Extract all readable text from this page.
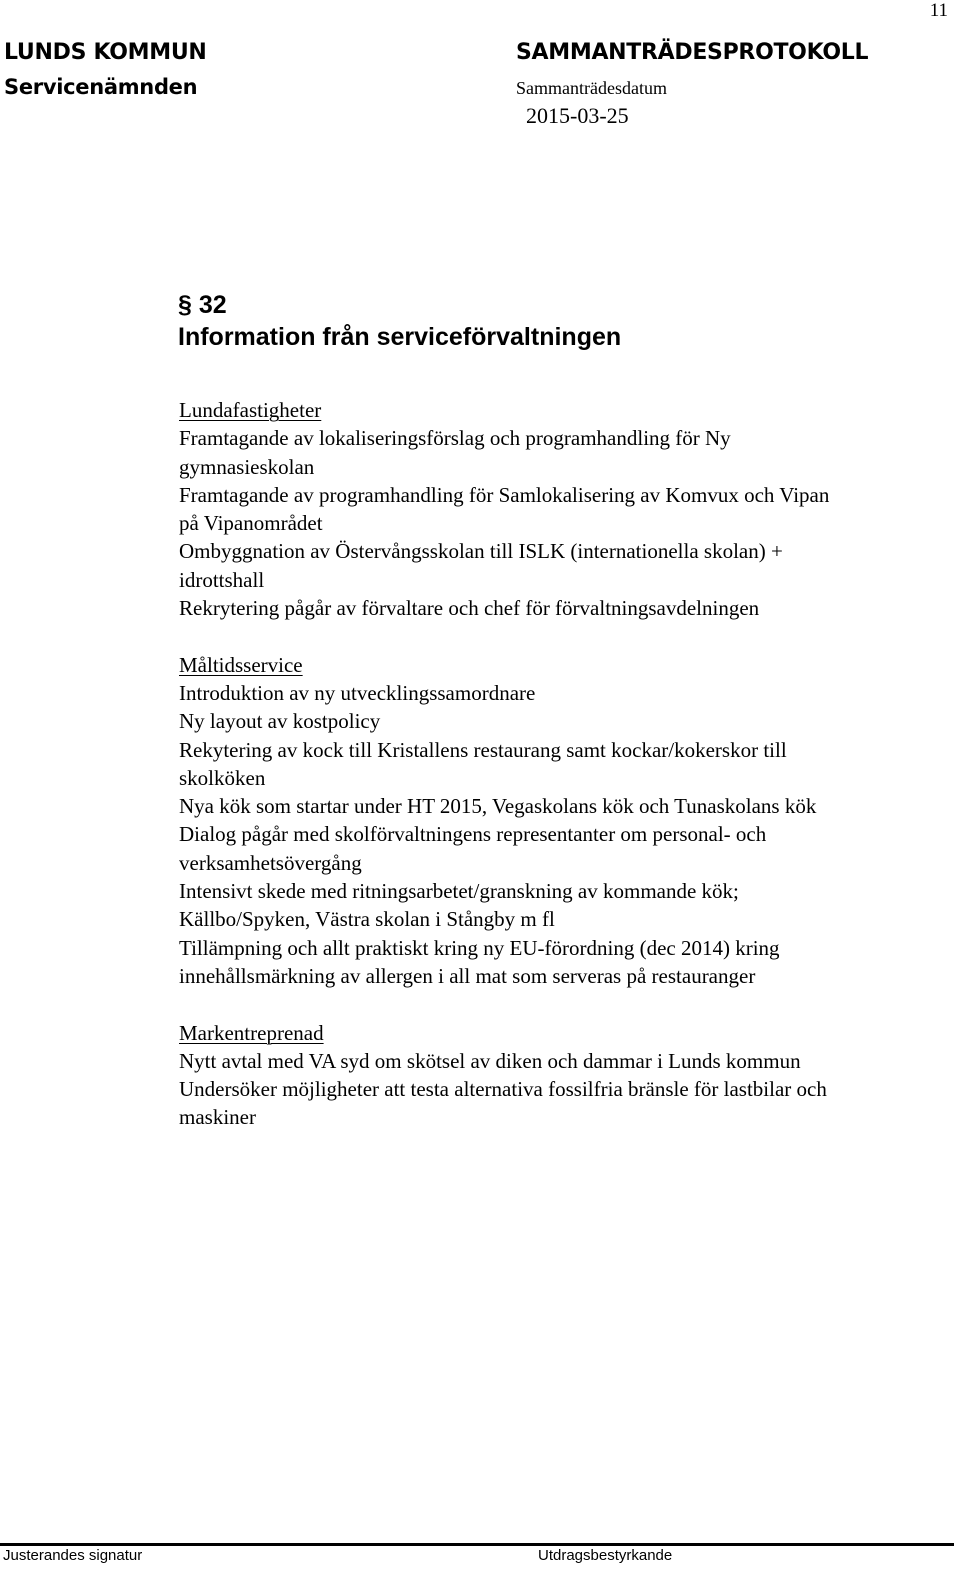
11
LUNDS KOMMUN
Servicenämnden
SAMMANTRÄDESPROTOKOLL
Sammanträdesdatum
2015-03-25
§ 32
Information från serviceförvaltningen
Lundafastigheter
Framtagande av lokaliseringsförslag och programhandling för Ny
gymnasieskolan
Framtagande av programhandling för Samlokalisering av Komvux och Vipan
på Vipanområdet
Ombyggnation av Östervångsskolan till ISLK (internationella skolan) +
idrottshall
Rekrytering pågår av förvaltare och chef för förvaltningsavdelningen
Måltidsservice
Introduktion av ny utvecklingssamordnare
Ny layout av kostpolicy
Rekytering av kock till Kristallens restaurang samt kockar/kokerskor till
skolköken
Nya kök som startar under HT 2015, Vegaskolans kök och Tunaskolans kök
Dialog pågår med skolförvaltningens representanter om personal- och
verksamhetsövergång
Intensivt skede med ritningsarbetet/granskning av kommande kök;
Källbo/Spyken, Västra skolan i Stångby m fl
Tillämpning och allt praktiskt kring ny EU-förordning (dec 2014) kring
innehållsmärkning av allergen i all mat som serveras på restauranger
Markentreprenad
Nytt avtal med VA syd om skötsel av diken och dammar i Lunds kommun
Undersöker möjligheter att testa alternativa fossilfria bränsle för lastbilar och
maskiner
Justerandes signatur	Utdragsbestyrkande
